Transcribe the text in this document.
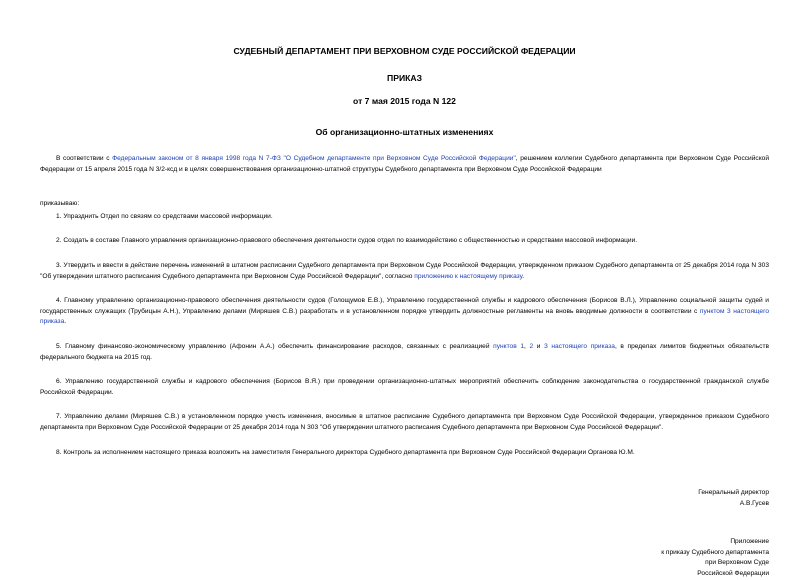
СУДЕБНЫЙ ДЕПАРТАМЕНТ ПРИ ВЕРХОВНОМ СУДЕ РОССИЙСКОЙ ФЕДЕРАЦИИ
ПРИКАЗ
от 7 мая 2015 года N 122
Об организационно-штатных изменениях

В соответствии с Федеральным законом от 8 января 1998 года N 7-ФЗ "О Судебном департаменте при Верховном Суде Российской Федерации", решением коллегии Судебного департамента при Верховном Суде Российской Федерации от 15 апреля 2015 года N 3/2-ксд и в целях совершенствования организационно-штатной структуры Судебного департамента при Верховном Суде Российской Федерации

приказываю:

1. Упразднить Отдел по связям со средствами массовой информации.

2. Создать в составе Главного управления организационно-правового обеспечения деятельности судов отдел по взаимодействию с общественностью и средствами массовой информации.

3. Утвердить и ввести в действие перечень изменений в штатном расписании Судебного департамента при Верховном Суде Российской Федерации, утвержденном приказом Судебного департамента от 25 декабря 2014 года N 303 "Об утверждении штатного расписания Судебного департамента при Верховном Суде Российской Федерации", согласно приложению к настоящему приказу.

4. Главному управлению организационно-правового обеспечения деятельности судов (Голощумов Е.В.), Управлению государственной службы и кадрового обеспечения (Борисов В.Л.), Управлению социальной защиты судей и государственных служащих (Трубицын А.Н.), Управлению делами (Миряшев С.В.) разработать и в установленном порядке утвердить должностные регламенты на вновь вводимые должности в соответствии с пунктом 3 настоящего приказа.

5. Главному финансово-экономическому управлению (Афонин А.А.) обеспечить финансирование расходов, связанных с реализацией пунктов 1, 2 и 3 настоящего приказа, в пределах лимитов бюджетных обязательств федерального бюджета на 2015 год.

6. Управлению государственной службы и кадрового обеспечения (Борисов В.Я.) при проведении организационно-штатных мероприятий обеспечить соблюдение законодательства о государственной гражданской службе Российской Федерации.

7. Управлению делами (Миряшев С.В.) в установленном порядке учесть изменения, вносимые в штатное расписание Судебного департамента при Верховном Суде Российской Федерации, утвержденное приказом Судебного департамента при Верховном Суде Российской Федерации от 25 декабря 2014 года N 303 "Об утверждении штатного расписания Судебного департамента при Верховном Суде Российской Федерации".

8. Контроль за исполнением настоящего приказа возложить на заместителя Генерального директора Судебного департамента при Верховном Суде Российской Федерации Органова Ю.М.

Генеральный директор

А.В.Гусев

Приложение

к приказу Судебного департамента

при Верховном Суде

Российской Федерации
